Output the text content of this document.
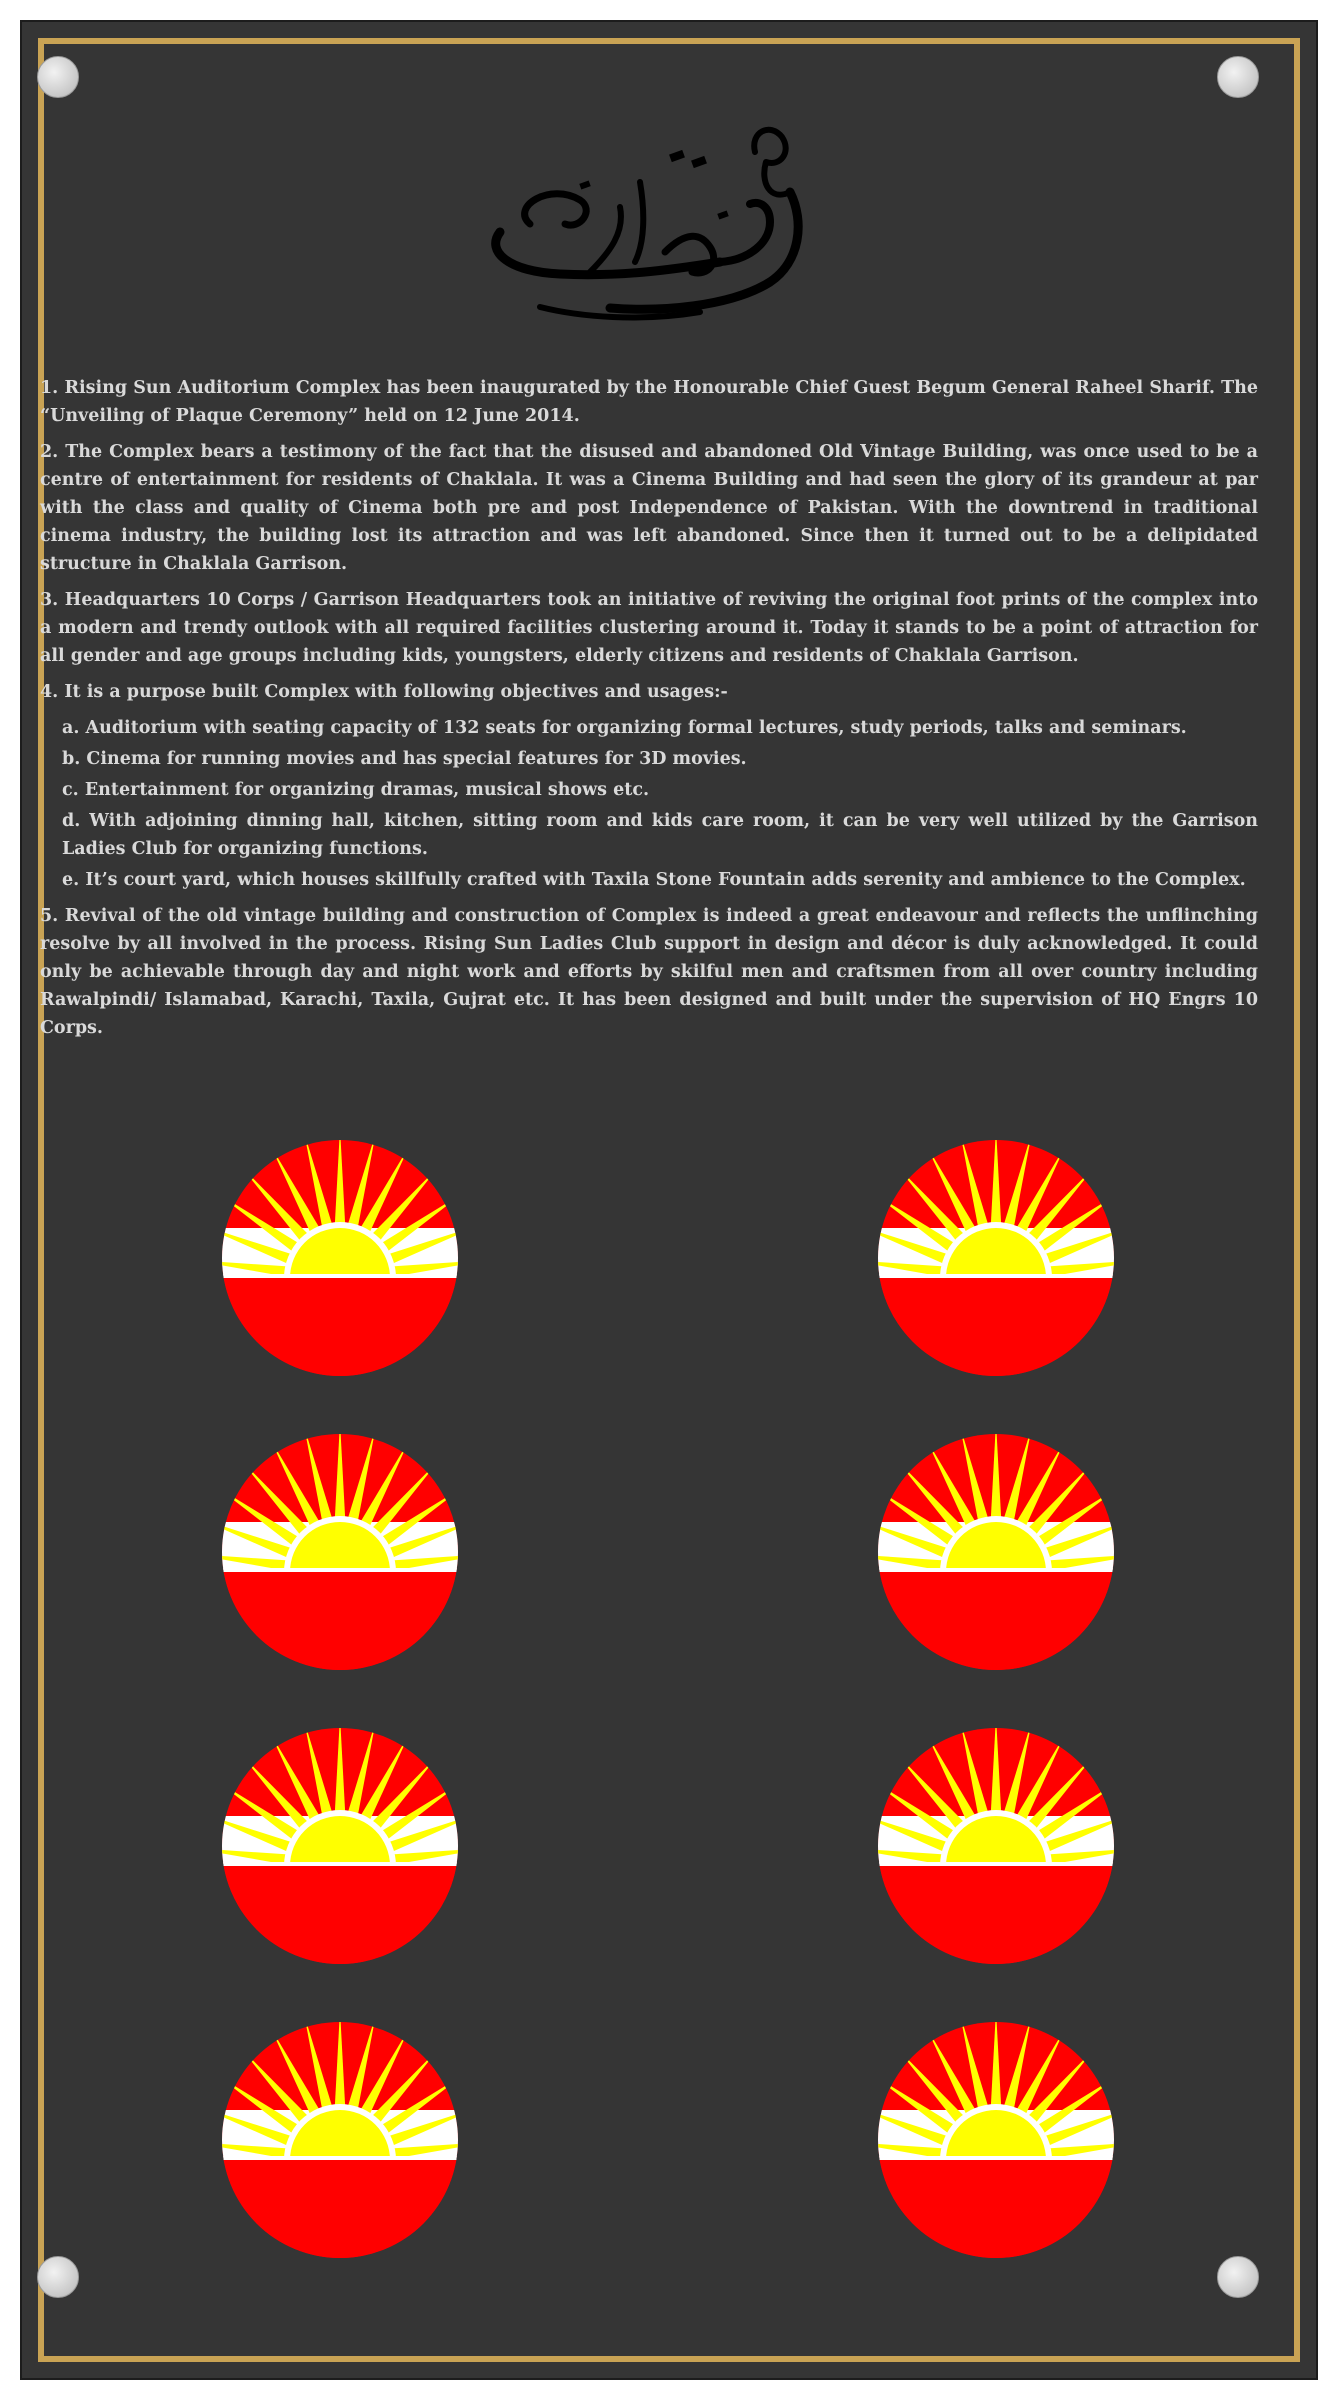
1. Rising Sun Auditorium Complex has been inaugurated by the Honourable Chief Guest Begum General Raheel Sharif. The “Unveiling of Plaque Ceremony” held on 12 June 2014.

2. The Complex bears a testimony of the fact that the disused and abandoned Old Vintage Building, was once used to be a centre of entertainment for residents of Chaklala. It was a Cinema Building and had seen the glory of its grandeur at par with the class and quality of Cinema both pre and post Independence of Pakistan. With the downtrend in traditional cinema industry, the building lost its attraction and was left abandoned. Since then it turned out to be a delipidated structure in Chaklala Garrison.

3. Headquarters 10 Corps / Garrison Headquarters took an initiative of reviving the original foot prints of the complex into a modern and trendy outlook with all required facilities clustering around it. Today it stands to be a point of attraction for all gender and age groups including kids, youngsters, elderly citizens and residents of Chaklala Garrison.

4. It is a purpose built Complex with following objectives and usages:-

a. Auditorium with seating capacity of 132 seats for organizing formal lectures, study periods, talks and seminars.

b. Cinema for running movies and has special features for 3D movies.

c. Entertainment for organizing dramas, musical shows etc.

d. With adjoining dinning hall, kitchen, sitting room and kids care room, it can be very well utilized by the Garrison Ladies Club for organizing functions.

e. It’s court yard, which houses skillfully crafted with Taxila Stone Fountain adds serenity and ambience to the Complex.

5. Revival of the old vintage building and construction of Complex is indeed a great endeavour and reflects the unflinching resolve by all involved in the process. Rising Sun Ladies Club support in design and décor is duly acknowledged. It could only be achievable through day and night work and efforts by skilful men and craftsmen from all over country including Rawalpindi/ Islamabad, Karachi, Taxila, Gujrat etc. It has been designed and built under the supervision of HQ Engrs 10 Corps.
